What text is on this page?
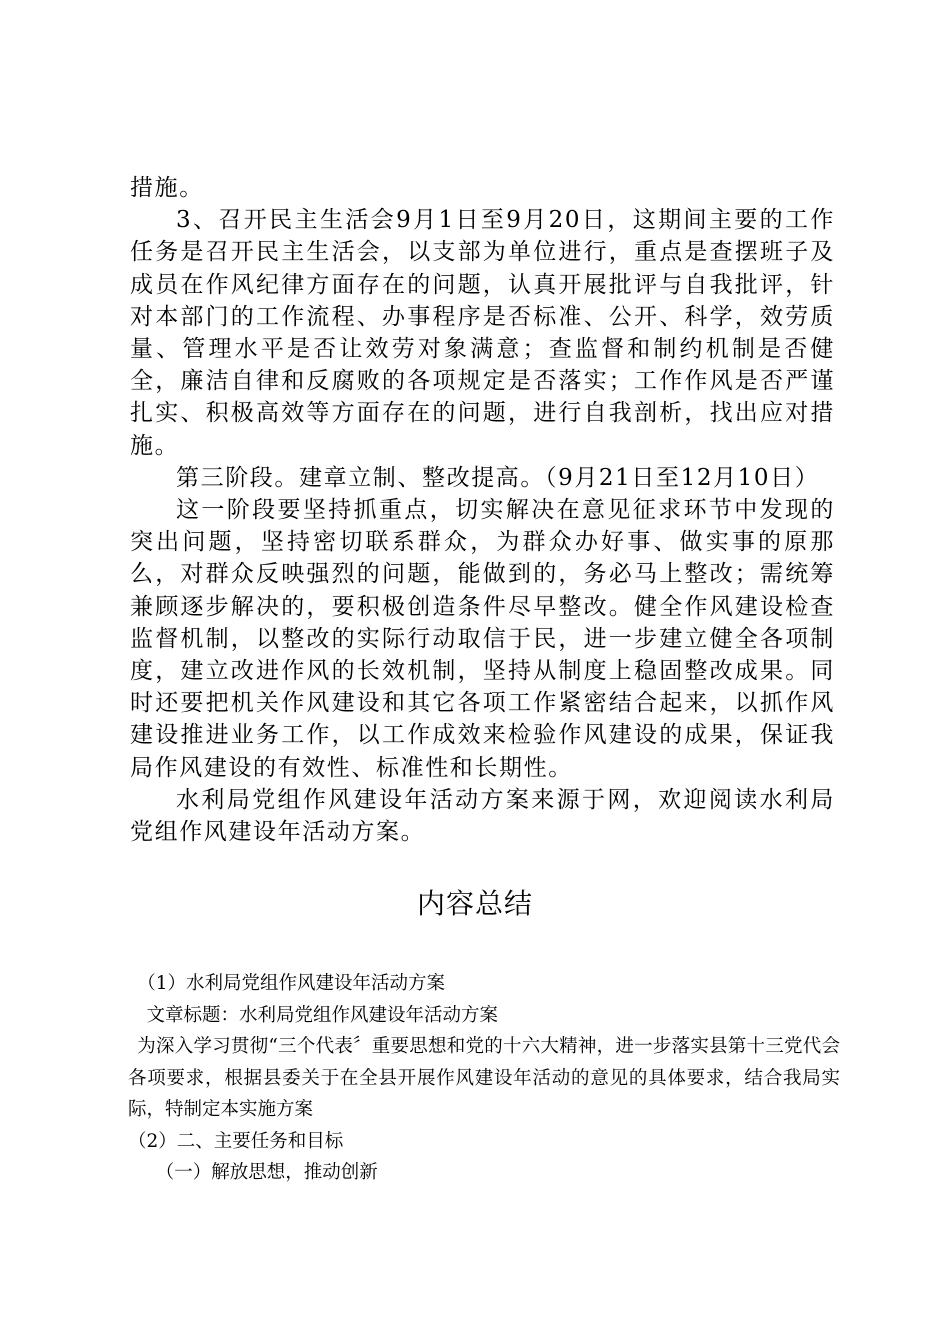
措施。

3、召开民主生活会9月1日至9月20日，这期间主要的工作任务是召开民主生活会，以支部为单位进行，重点是查摆班子及成员在作风纪律方面存在的问题，认真开展批评与自我批评，针对本部门的工作流程、办事程序是否标准、公开、科学，效劳质量、管理水平是否让效劳对象满意；查监督和制约机制是否健全，廉洁自律和反腐败的各项规定是否落实；工作作风是否严谨扎实、积极高效等方面存在的问题，进行自我剖析，找出应对措施。

第三阶段。建章立制、整改提高。（9月21日至12月10日）

这一阶段要坚持抓重点，切实解决在意见征求环节中发现的突出问题，坚持密切联系群众，为群众办好事、做实事的原那么，对群众反映强烈的问题，能做到的，务必马上整改；需统筹兼顾逐步解决的，要积极创造条件尽早整改。健全作风建设检查监督机制，以整改的实际行动取信于民，进一步建立健全各项制度，建立改进作风的长效机制，坚持从制度上稳固整改成果。同时还要把机关作风建设和其它各项工作紧密结合起来，以抓作风建设推进业务工作，以工作成效来检验作风建设的成果，保证我局作风建设的有效性、标准性和长期性。

水利局党组作风建设年活动方案来源于网，欢迎阅读水利局党组作风建设年活动方案。

内容总结

（1）水利局党组作风建设年活动方案

文章标题：水利局党组作风建设年活动方案

为深入学习贯彻“三个代表〞重要思想和党的十六大精神，进一步落实县第十三党代会各项要求，根据县委关于在全县开展作风建设年活动的意见的具体要求，结合我局实际，特制定本实施方案

（2）二、主要任务和目标

（一）解放思想，推动创新
